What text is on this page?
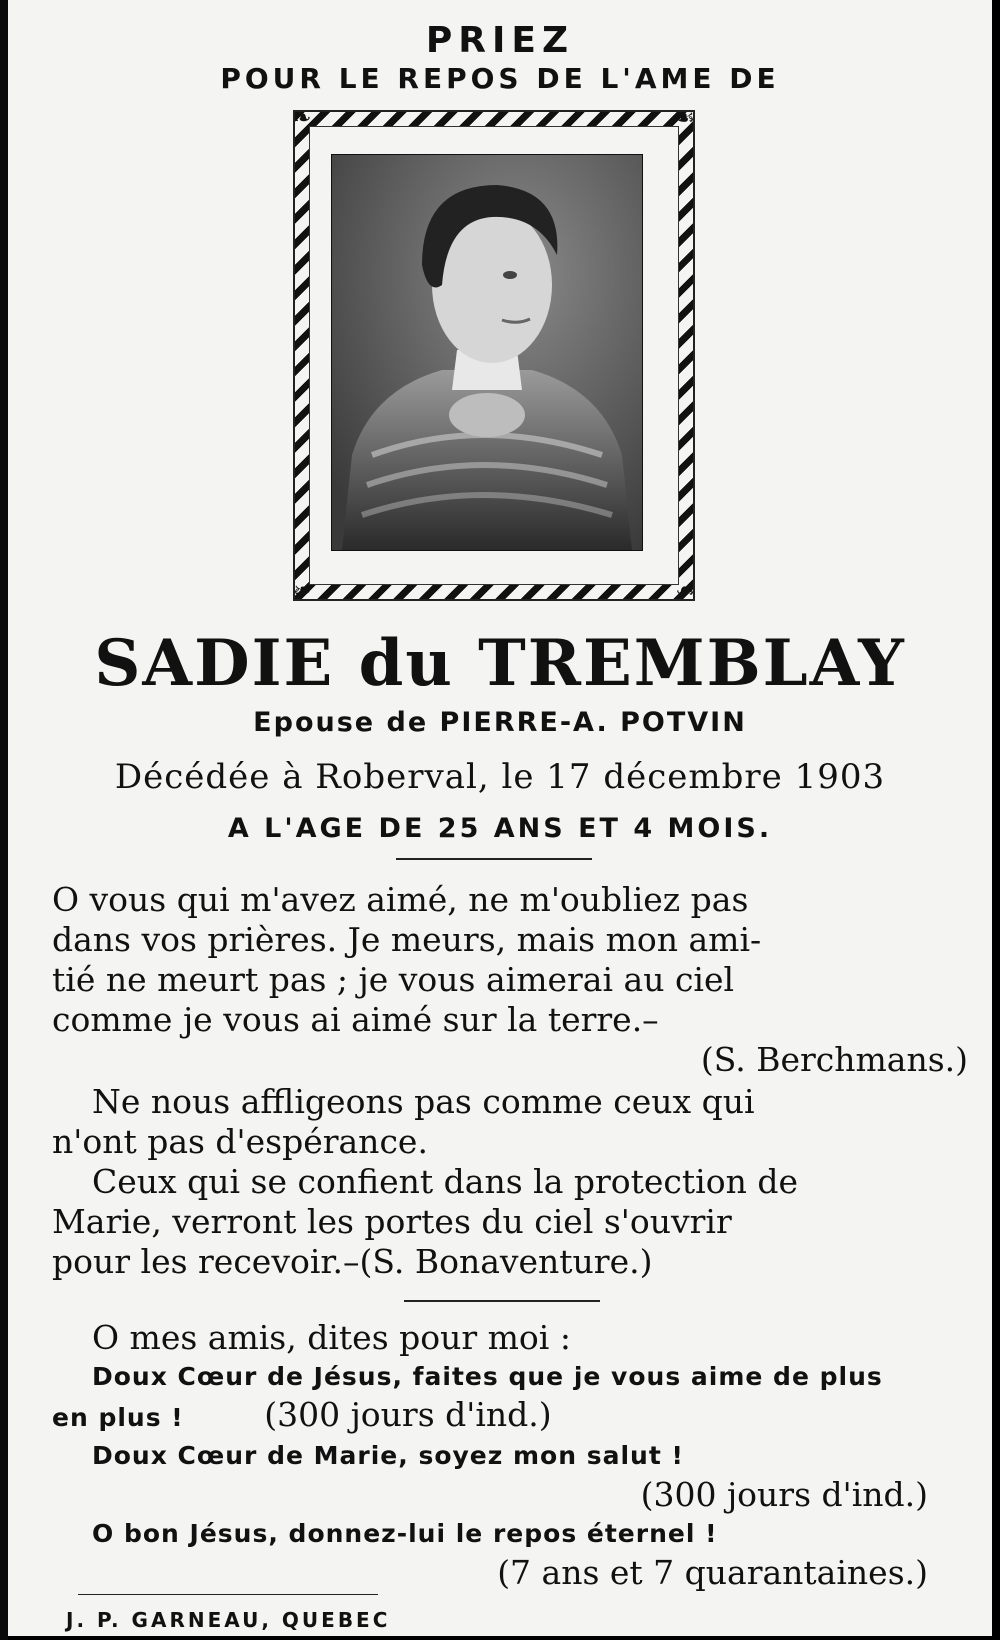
PRIEZ
POUR LE REPOS DE L'AME DE
❧	☙
❧	☙
SADIE du TREMBLAY
Epouse de PIERRE-A. POTVIN
Décédée à Roberval, le 17 décembre 1903
A L'AGE DE 25 ANS ET 4 MOIS.
O vous qui m'avez aimé, ne m'oubliez pas
dans vos prières. Je meurs, mais mon ami-
tié ne meurt pas ; je vous aimerai au ciel
comme je vous ai aimé sur la terre.–
(S. Berchmans.)
Ne nous affligeons pas comme ceux qui
n'ont pas d'espérance.
Ceux qui se confient dans la protection de
Marie, verront les portes du ciel s'ouvrir
pour les recevoir.–(S. Bonaventure.)
O mes amis, dites pour moi :
Doux Cœur de Jésus, faites que je vous aime de plus
en plus ! (300 jours d'ind.)
Doux Cœur de Marie, soyez mon salut !
(300 jours d'ind.)
O bon Jésus, donnez-lui le repos éternel !
(7 ans et 7 quarantaines.)
J. P. GARNEAU, QUEBEC
